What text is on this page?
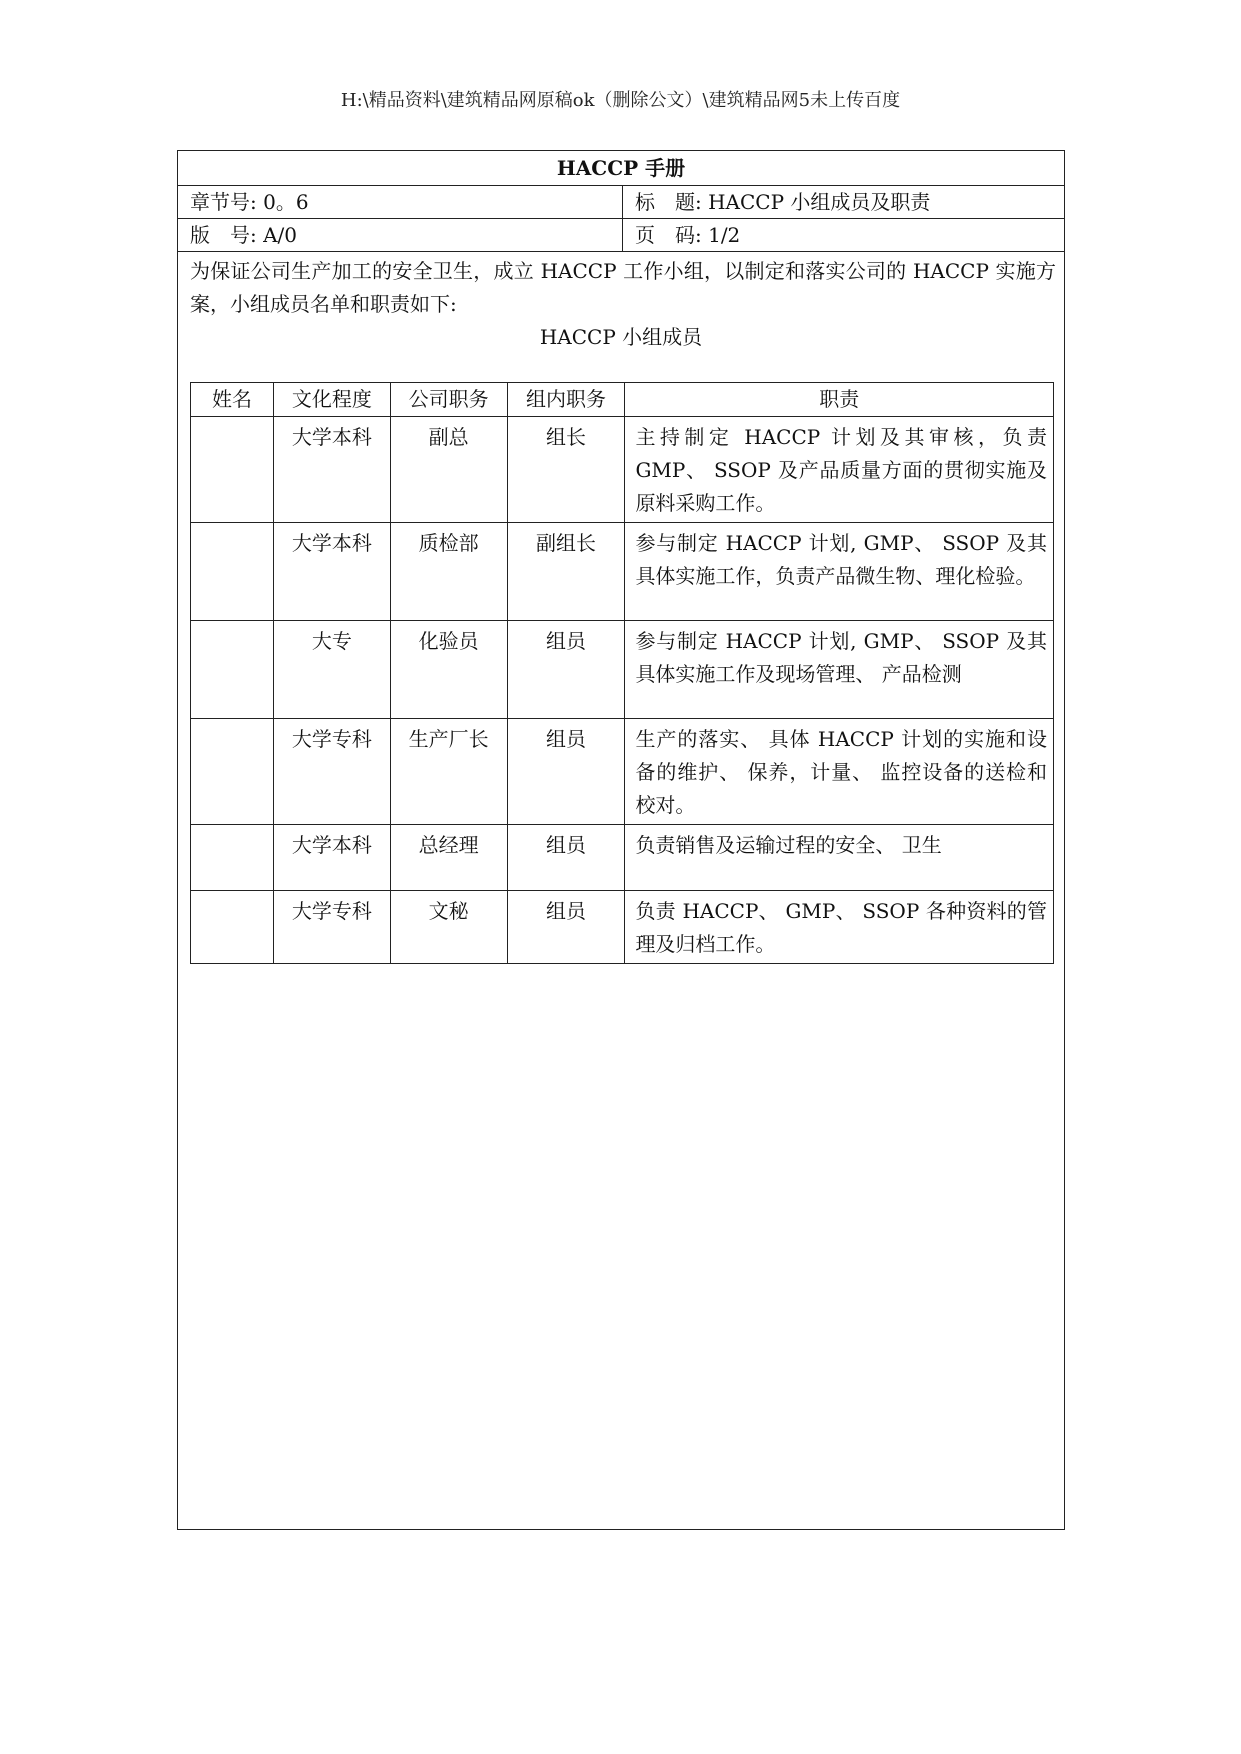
H:\精品资料\建筑精品网原稿ok（删除公文）\建筑精品网5未上传百度
HACCP 手册
章节号: 0。6	标　题: HACCP 小组成员及职责
版　号: A/0	页　码: 1/2
为保证公司生产加工的安全卫生，成立 HACCP 工作小组，以制定和落实公司的 HACCP 实施方案，小组成员名单和职责如下:
HACCP 小组成员
姓名	文化程度	公司职务	组内职务	职责
	大学本科	副总	组长	主持制定 HACCP 计划及其审核，负责 GMP、 SSOP 及产品质量方面的贯彻实施及原料采购工作。
	大学本科	质检部	副组长	参与制定 HACCP 计划, GMP、 SSOP 及其具体实施工作，负责产品微生物、理化检验。
	大专	化验员	组员	参与制定 HACCP 计划, GMP、 SSOP 及其具体实施工作及现场管理、 产品检测
	大学专科	生产厂长	组员	生产的落实、 具体 HACCP 计划的实施和设备的维护、 保养，计量、 监控设备的送检和校对。
	大学本科	总经理	组员	负责销售及运输过程的安全、 卫生
	大学专科	文秘	组员	负责 HACCP、 GMP、 SSOP 各种资料的管理及归档工作。
